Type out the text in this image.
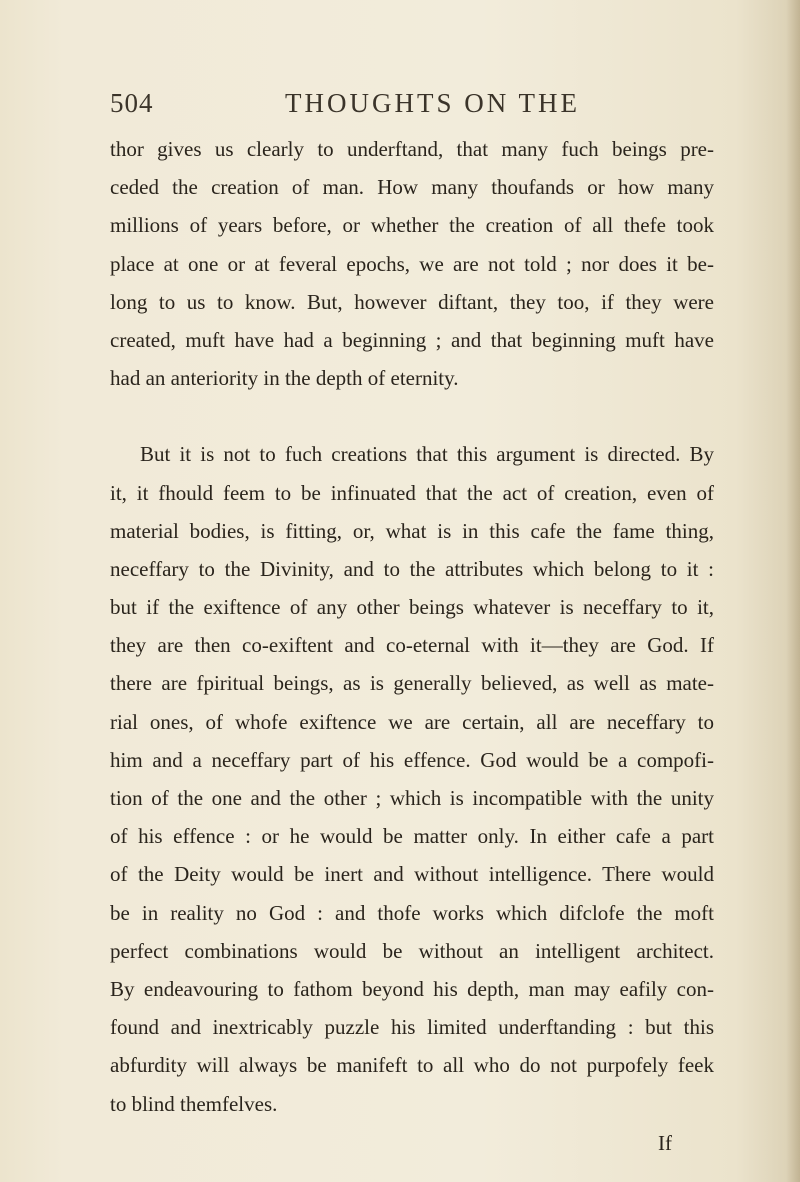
504	THOUGHTS ON THE
thor gives us clearly to underftand, that many fuch beings pre-
ceded the creation of man. How many thoufands or how many
millions of years before, or whether the creation of all thefe took
place at one or at feveral epochs, we are not told ; nor does it be-
long to us to know. But, however diftant, they too, if they were
created, muft have had a beginning ; and that beginning muft have
had an anteriority in the depth of eternity.
But it is not to fuch creations that this argument is directed. By
it, it fhould feem to be infinuated that the act of creation, even of
material bodies, is fitting, or, what is in this cafe the fame thing,
neceffary to the Divinity, and to the attributes which belong to it :
but if the exiftence of any other beings whatever is neceffary to it,
they are then co-exiftent and co-eternal with it—they are God. If
there are fpiritual beings, as is generally believed, as well as mate-
rial ones, of whofe exiftence we are certain, all are neceffary to
him and a neceffary part of his effence. God would be a compofi-
tion of the one and the other ; which is incompatible with the unity
of his effence : or he would be matter only. In either cafe a part
of the Deity would be inert and without intelligence. There would
be in reality no God : and thofe works which difclofe the moft
perfect combinations would be without an intelligent architect.
By endeavouring to fathom beyond his depth, man may eafily con-
found and inextricably puzzle his limited underftanding : but this
abfurdity will always be manifeft to all who do not purpofely feek
to blind themfelves.
If
